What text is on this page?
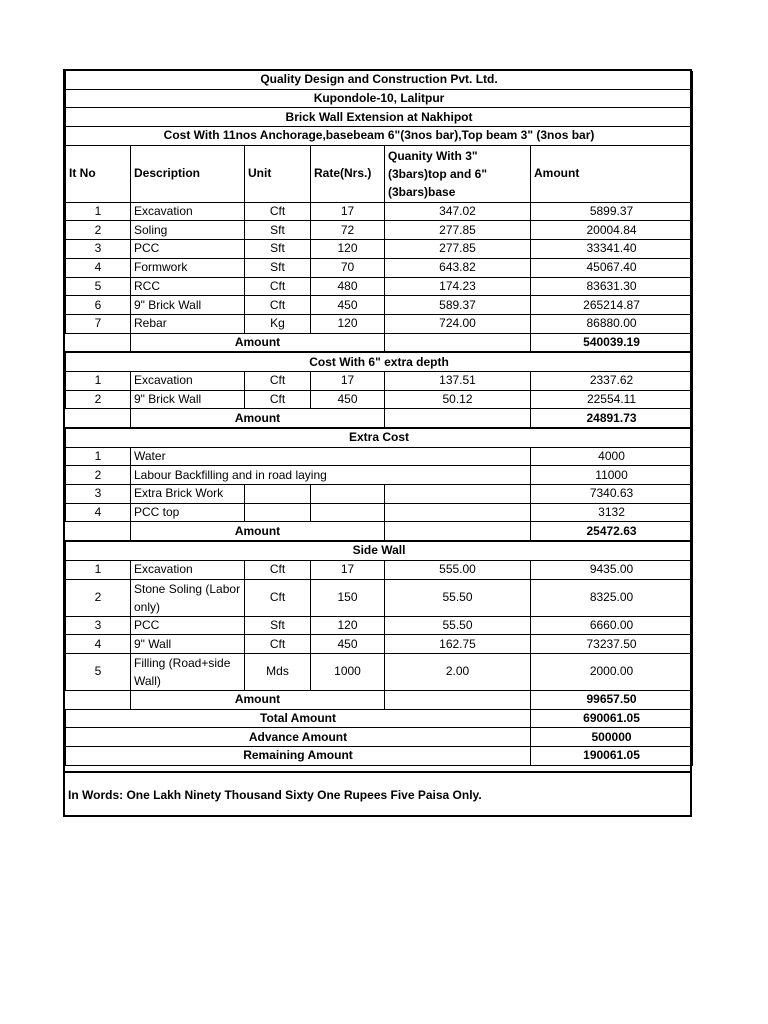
Quality Design and Construction Pvt. Ltd.					
Kupondole-10, Lalitpur					
Brick Wall Extension at Nakhipot					
Cost With 11nos Anchorage,basebeam 6"(3nos bar),Top beam 3" (3nos bar)					
It No	Description	Unit	Rate(Nrs.)	Quanity With 3" (3bars)top and 6" (3bars)base	Amount
1	Excavation	Cft	17	347.02	5899.37
2	Soling	Sft	72	277.85	20004.84
3	PCC	Sft	120	277.85	33341.40
4	Formwork	Sft	70	643.82	45067.40
5	RCC	Cft	480	174.23	83631.30
6	9" Brick Wall	Cft	450	589.37	265214.87
7	Rebar	Kg	120	724.00	86880.00
	Amount				540039.19
Cost With 6" extra depth					
1	Excavation	Cft	17	137.51	2337.62
2	9" Brick Wall	Cft	450	50.12	22554.11
	Amount				24891.73
Extra Cost					
1	Water				4000
2	Labour Backfilling and in road laying				11000
3	Extra Brick Work				7340.63
4	PCC top				3132
	Amount				25472.63
Side Wall					
1	Excavation	Cft	17	555.00	9435.00
2	Stone Soling (Labor only)	Cft	150	55.50	8325.00
3	PCC	Sft	120	55.50	6660.00
4	9" Wall	Cft	450	162.75	73237.50
5	Filling (Road+side Wall)	Mds	1000	2.00	2000.00
	Amount				99657.50
Total Amount					690061.05
Advance Amount					500000
Remaining Amount					190061.05
In Words: One Lakh Ninety Thousand Sixty One Rupees Five Paisa Only.
